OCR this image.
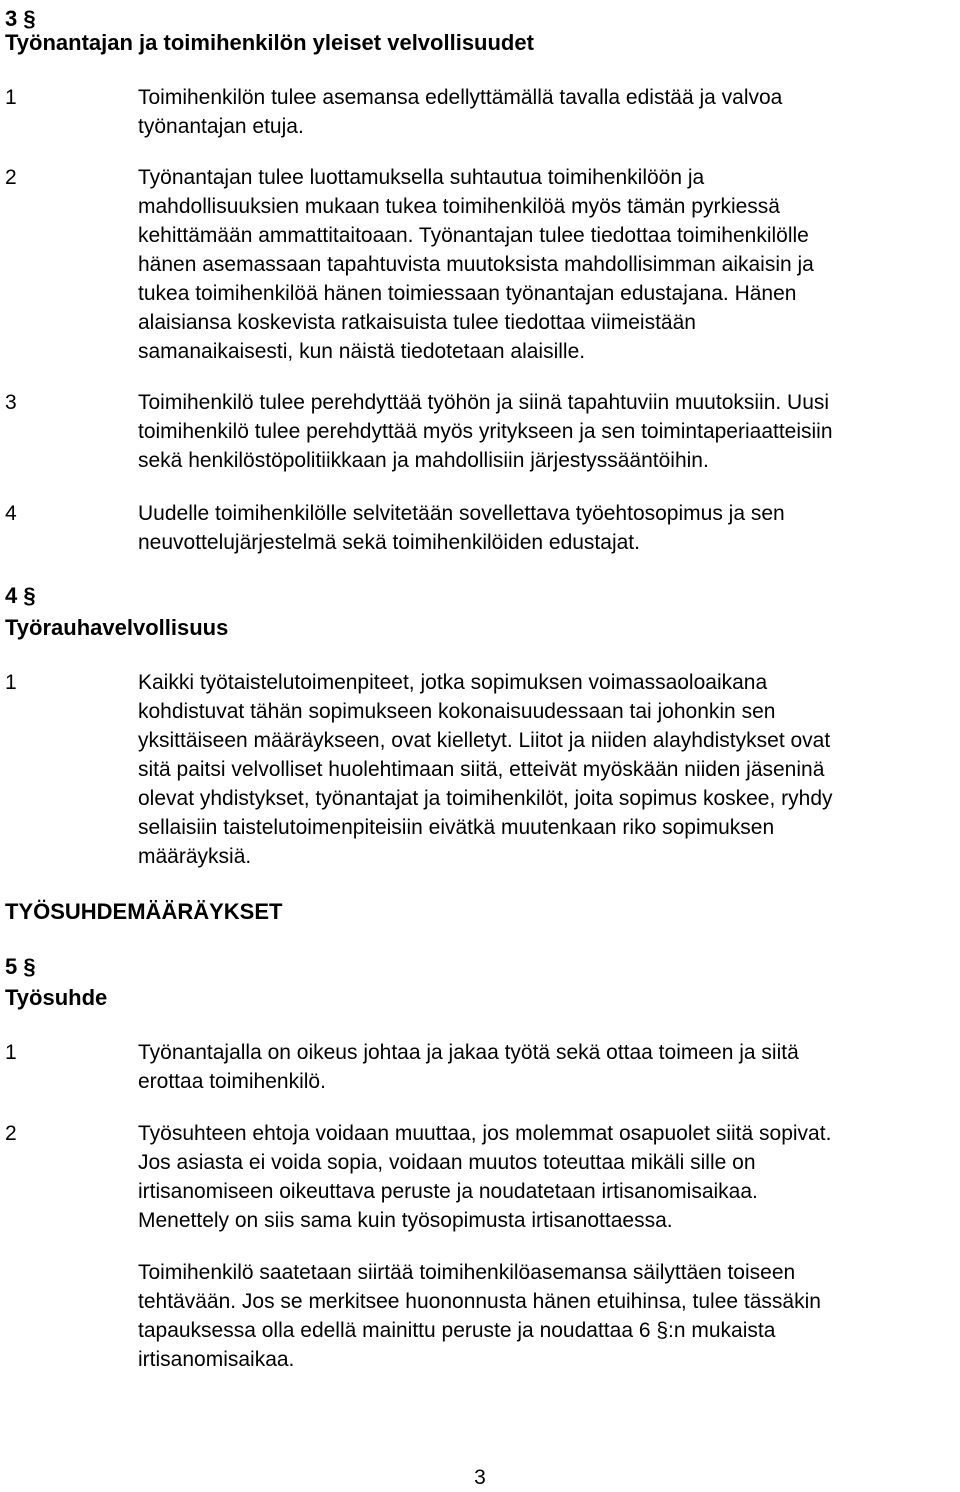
3 §
Työnantajan ja toimihenkilön yleiset velvollisuudet
1	Toimihenkilön tulee asemansa edellyttämällä tavalla edistää ja valvoa
työnantajan etuja.
2	Työnantajan tulee luottamuksella suhtautua toimihenkilöön ja
mahdollisuuksien mukaan tukea toimihenkilöä myös tämän pyrkiessä
kehittämään ammattitaitoaan. Työnantajan tulee tiedottaa toimihenkilölle
hänen asemassaan tapahtuvista muutoksista mahdollisimman aikaisin ja
tukea toimihenkilöä hänen toimiessaan työnantajan edustajana. Hänen
alaisiansa koskevista ratkaisuista tulee tiedottaa viimeistään
samanaikaisesti, kun näistä tiedotetaan alaisille.
3	Toimihenkilö tulee perehdyttää työhön ja siinä tapahtuviin muutoksiin. Uusi
toimihenkilö tulee perehdyttää myös yritykseen ja sen toimintaperiaatteisiin
sekä henkilöstöpolitiikkaan ja mahdollisiin järjestyssääntöihin.
4	Uudelle toimihenkilölle selvitetään sovellettava työehtosopimus ja sen
neuvottelujärjestelmä sekä toimihenkilöiden edustajat.
4 §
Työrauhavelvollisuus
1	Kaikki työtaistelutoimenpiteet, jotka sopimuksen voimassaoloaikana
kohdistuvat tähän sopimukseen kokonaisuudessaan tai johonkin sen
yksittäiseen määräykseen, ovat kielletyt. Liitot ja niiden alayhdistykset ovat
sitä paitsi velvolliset huolehtimaan siitä, etteivät myöskään niiden jäseninä
olevat yhdistykset, työnantajat ja toimihenkilöt, joita sopimus koskee, ryhdy
sellaisiin taistelutoimenpiteisiin eivätkä muutenkaan riko sopimuksen
määräyksiä.
TYÖSUHDEMÄÄRÄYKSET
5 §
Työsuhde
1	Työnantajalla on oikeus johtaa ja jakaa työtä sekä ottaa toimeen ja siitä
erottaa toimihenkilö.
2	Työsuhteen ehtoja voidaan muuttaa, jos molemmat osapuolet siitä sopivat.
Jos asiasta ei voida sopia, voidaan muutos toteuttaa mikäli sille on
irtisanomiseen oikeuttava peruste ja noudatetaan irtisanomisaikaa.
Menettely on siis sama kuin työsopimusta irtisanottaessa.
Toimihenkilö saatetaan siirtää toimihenkilöasemansa säilyttäen toiseen
tehtävään. Jos se merkitsee huononnusta hänen etuihinsa, tulee tässäkin
tapauksessa olla edellä mainittu peruste ja noudattaa 6 §:n mukaista
irtisanomisaikaa.
3
